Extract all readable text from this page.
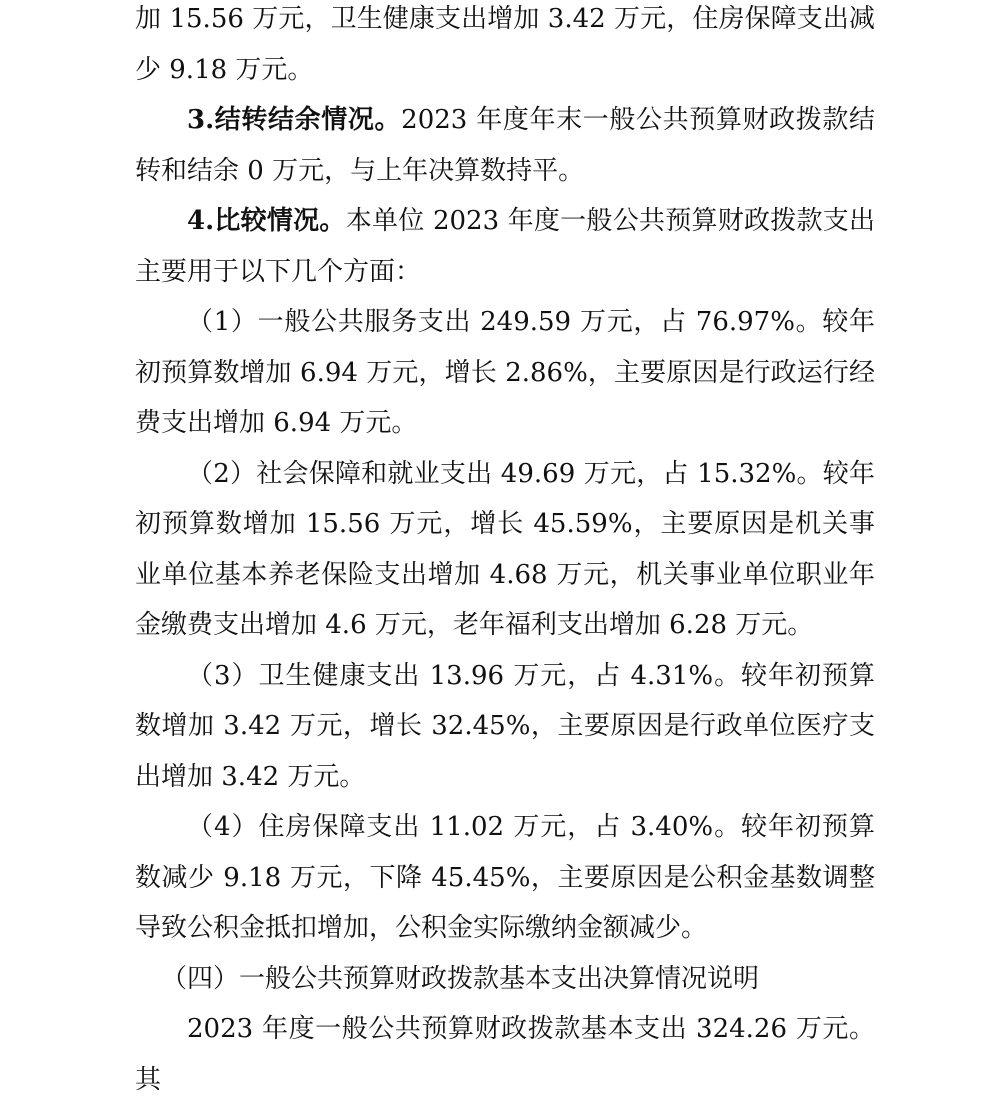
加 15.56 万元，卫生健康支出增加 3.42 万元，住房保障支出减少 9.18 万元。

3.结转结余情况。2023 年度年末一般公共预算财政拨款结转和结余 0 万元，与上年决算数持平。

4.比较情况。本单位 2023 年度一般公共预算财政拨款支出主要用于以下几个方面：

（1）一般公共服务支出 249.59 万元，占 76.97%。较年初预算数增加 6.94 万元，增长 2.86%，主要原因是行政运行经费支出增加 6.94 万元。

（2）社会保障和就业支出 49.69 万元，占 15.32%。较年初预算数增加 15.56 万元，增长 45.59%，主要原因是机关事业单位基本养老保险支出增加 4.68 万元，机关事业单位职业年金缴费支出增加 4.6 万元，老年福利支出增加 6.28 万元。

（3）卫生健康支出 13.96 万元，占 4.31%。较年初预算数增加 3.42 万元，增长 32.45%，主要原因是行政单位医疗支出增加 3.42 万元。

（4）住房保障支出 11.02 万元，占 3.40%。较年初预算数减少 9.18 万元，下降 45.45%，主要原因是公积金基数调整导致公积金抵扣增加，公积金实际缴纳金额减少。

（四）一般公共预算财政拨款基本支出决算情况说明

2023 年度一般公共预算财政拨款基本支出 324.26 万元。其
